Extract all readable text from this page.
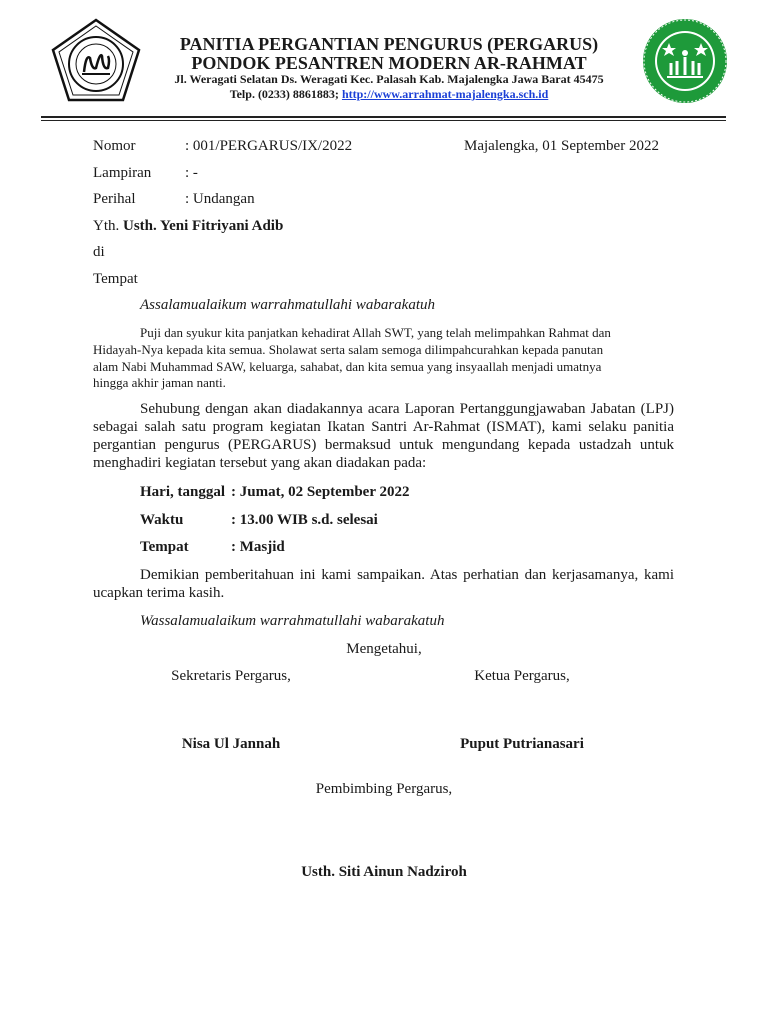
PANITIA PERGANTIAN PENGURUS (PERGARUS)
PONDOK PESANTREN MODERN AR-RAHMAT
Jl. Weragati Selatan Ds. Weragati Kec. Palasah Kab. Majalengka Jawa Barat 45475
Telp. (0233) 8861883; http://www.arrahmat-majalengka.sch.id
Nomor	: 001/PERGARUS/IX/2022	Majalengka, 01 September 2022
Lampiran : -
Perihal	: Undangan
Yth. Usth. Yeni Fitriyani Adib
di
Tempat
Assalamualaikum warrahmatullahi wabarakatuh
Puji dan syukur kita panjatkan kehadirat Allah SWT, yang telah melimpahkan Rahmat dan
Hidayah-Nya kepada kita semua. Sholawat serta salam semoga dilimpahcurahkan kepada panutan
alam Nabi Muhammad SAW, keluarga, sahabat, dan kita semua yang insyaallah menjadi umatnya
hingga akhir jaman nanti.
Sehubung dengan akan diadakannya acara Laporan Pertanggungjawaban Jabatan (LPJ) sebagai salah satu program kegiatan Ikatan Santri Ar-Rahmat (ISMAT), kami selaku panitia pergantian pengurus (PERGARUS) bermaksud untuk mengundang kepada ustadzah untuk menghadiri kegiatan tersebut yang akan diadakan pada:
Hari, tanggal : Jumat, 02 September 2022
Waktu	: 13.00 WIB s.d. selesai
Tempat	: Masjid
Demikian pemberitahuan ini kami sampaikan. Atas perhatian dan kerjasamanya, kami ucapkan terima kasih.
Wassalamualaikum warrahmatullahi wabarakatuh
Mengetahui,
Sekretaris Pergarus,	Ketua Pergarus,
Nisa Ul Jannah	Puput Putrianasari
Pembimbing Pergarus,
Usth. Siti Ainun Nadziroh
